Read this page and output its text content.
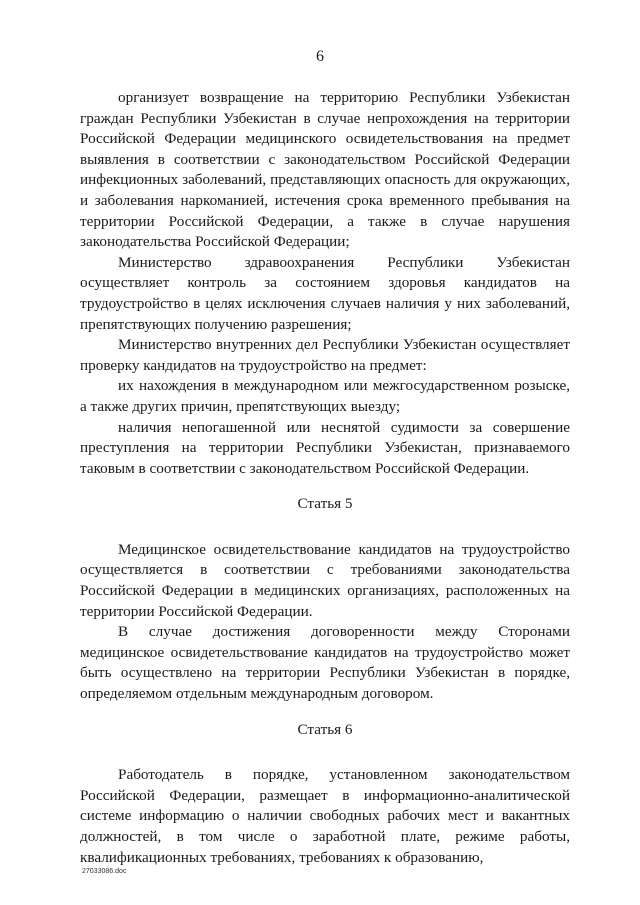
6

организует возвращение на территорию Республики Узбекистан граждан Республики Узбекистан в случае непрохождения на территории Российской Федерации медицинского освидетельствования на предмет выявления в соответствии с законодательством Российской Федерации инфекционных заболеваний, представляющих опасность для окружающих, и заболевания наркоманией, истечения срока временного пребывания на территории Российской Федерации, а также в случае нарушения законодательства Российской Федерации;

Министерство здравоохранения Республики Узбекистан осуществляет контроль за состоянием здоровья кандидатов на трудоустройство в целях исключения случаев наличия у них заболеваний, препятствующих получению разрешения;

Министерство внутренних дел Республики Узбекистан осуществляет проверку кандидатов на трудоустройство на предмет:

их нахождения в международном или межгосударственном розыске, а также других причин, препятствующих выезду;

наличия непогашенной или неснятой судимости за совершение преступления на территории Республики Узбекистан, признаваемого таковым в соответствии с законодательством Российской Федерации.

Статья 5

Медицинское освидетельствование кандидатов на трудоустройство осуществляется в соответствии с требованиями законодательства Российской Федерации в медицинских организациях, расположенных на территории Российской Федерации.

В случае достижения договоренности между Сторонами медицинское освидетельствование кандидатов на трудоустройство может быть осуществлено на территории Республики Узбекистан в порядке, определяемом отдельным международным договором.

Статья 6

Работодатель в порядке, установленном законодательством Российской Федерации, размещает в информационно-аналитической системе информацию о наличии свободных рабочих мест и вакантных должностей, в том числе о заработной плате, режиме работы, квалификационных требованиях, требованиях к образованию,

27033086.doc
